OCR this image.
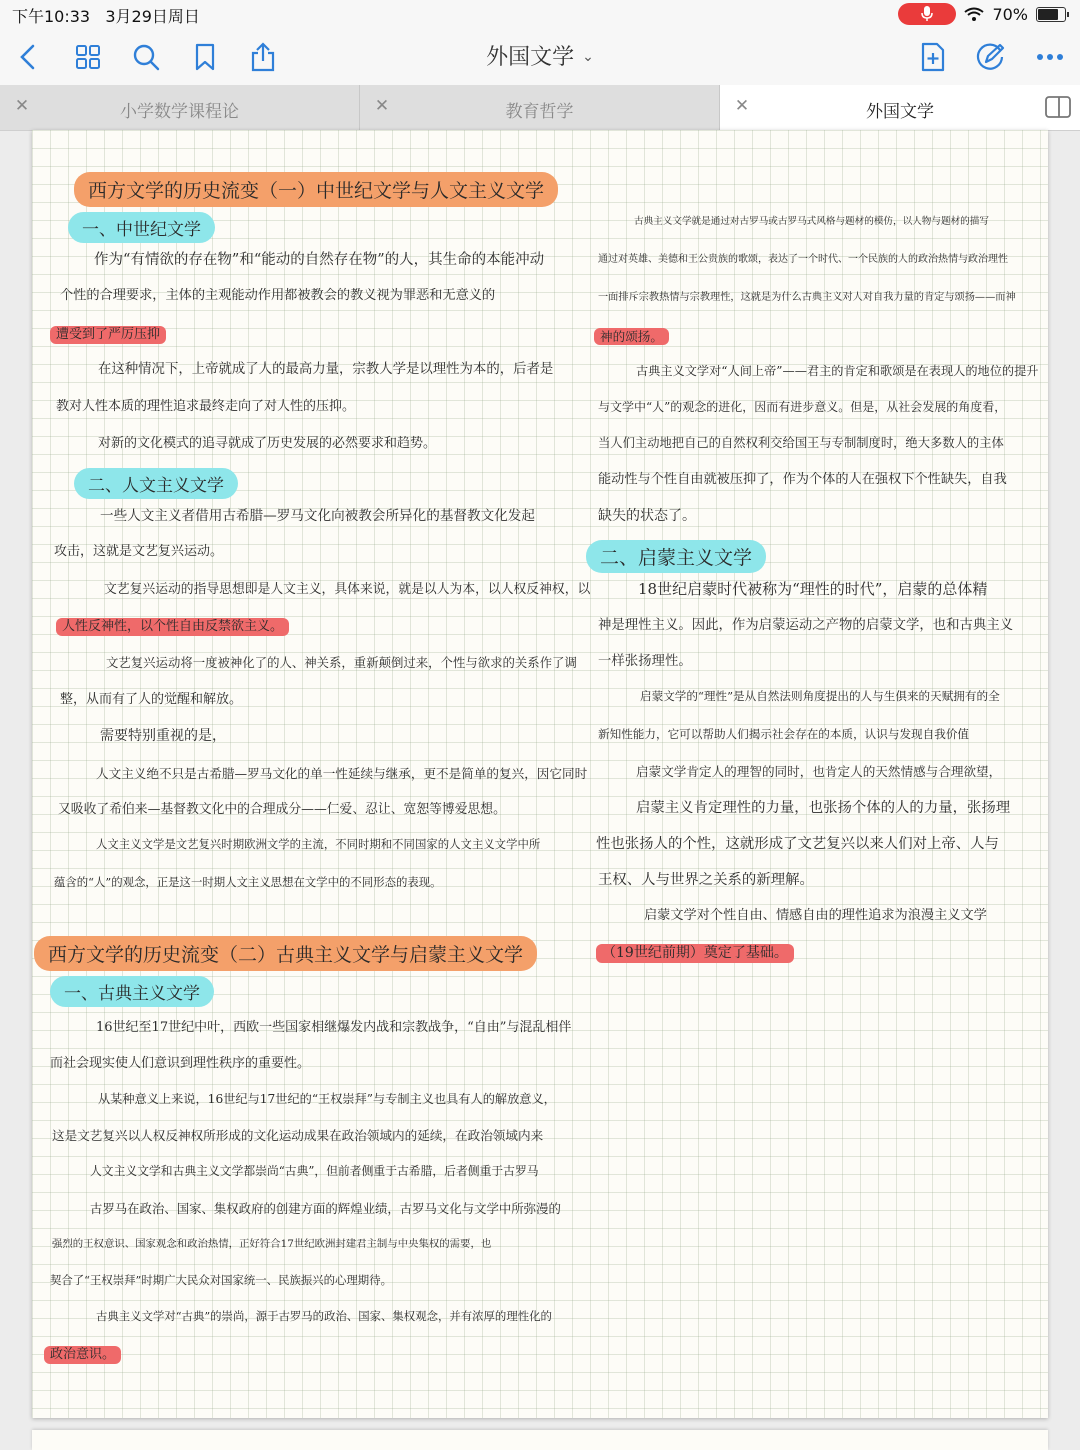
下午10:33   3月29日周日	70%
外国文学 ⌄
✕	小学数学课程论	✕	教育哲学	✕	外国文学
西方文学的历史流变（一）中世纪文学与人文主义文学
一、中世纪文学
作为“有情欲的存在物”和“能动的自然存在物”的人，其生命的本能冲动
个性的合理要求，主体的主观能动作用都被教会的教义视为罪恶和无意义的
遭受到了严厉压抑
在这种情况下，上帝就成了人的最高力量，宗教人学是以理性为本的，后者是
教对人性本质的理性追求最终走向了对人性的压抑。
对新的文化模式的追寻就成了历史发展的必然要求和趋势。
二、人文主义文学
一些人文主义者借用古希腊—罗马文化向被教会所异化的基督教文化发起
攻击，这就是文艺复兴运动。
文艺复兴运动的指导思想即是人文主义，具体来说，就是以人为本，以人权反神权，以
人性反神性，以个性自由反禁欲主义。
文艺复兴运动将一度被神化了的人、神关系，重新颠倒过来，个性与欲求的关系作了调
整，从而有了人的觉醒和解放。
需要特别重视的是，
人文主义绝不只是古希腊—罗马文化的单一性延续与继承，更不是简单的复兴，因它同时
又吸收了希伯来—基督教文化中的合理成分——仁爱、忍让、宽恕等博爱思想。
人文主义文学是文艺复兴时期欧洲文学的主流，不同时期和不同国家的人文主义文学中所
蕴含的“人”的观念，正是这一时期人文主义思想在文学中的不同形态的表现。
西方文学的历史流变（二）古典主义文学与启蒙主义文学
一、古典主义文学
16世纪至17世纪中叶，西欧一些国家相继爆发内战和宗教战争，“自由”与混乱相伴
而社会现实使人们意识到理性秩序的重要性。
从某种意义上来说，16世纪与17世纪的“王权崇拜”与专制主义也具有人的解放意义，
这是文艺复兴以人权反神权所形成的文化运动成果在政治领域内的延续，在政治领域内来
人文主义文学和古典主义文学都崇尚“古典”，但前者侧重于古希腊，后者侧重于古罗马
古罗马在政治、国家、集权政府的创建方面的辉煌业绩，古罗马文化与文学中所弥漫的
强烈的王权意识、国家观念和政治热情，正好符合17世纪欧洲封建君主制与中央集权的需要，也
契合了“王权崇拜”时期广大民众对国家统一、民族振兴的心理期待。
古典主义文学对“古典”的崇尚，源于古罗马的政治、国家、集权观念，并有浓厚的理性化的
政治意识。
古典主义文学就是通过对古罗马或古罗马式风格与题材的模仿，以人物与题材的描写
通过对英雄、美德和王公贵族的歌颂，表达了一个时代、一个民族的人的政治热情与政治理性
一面排斥宗教热情与宗教理性，这就是为什么古典主义对人对自我力量的肯定与颂扬——而神
神的颂扬。
古典主义文学对“人间上帝”——君主的肯定和歌颂是在表现人的地位的提升
与文学中“人”的观念的进化，因而有进步意义。但是，从社会发展的角度看，
当人们主动地把自己的自然权利交给国王与专制制度时，绝大多数人的主体
能动性与个性自由就被压抑了，作为个体的人在强权下个性缺失，自我
缺失的状态了。
二、启蒙主义文学
18世纪启蒙时代被称为“理性的时代”，启蒙的总体精
神是理性主义。因此，作为启蒙运动之产物的启蒙文学，也和古典主义
一样张扬理性。
启蒙文学的“理性”是从自然法则角度提出的人与生俱来的天赋拥有的全
新知性能力，它可以帮助人们揭示社会存在的本质，认识与发现自我价值
启蒙文学肯定人的理智的同时，也肯定人的天然情感与合理欲望，
启蒙主义肯定理性的力量，也张扬个体的人的力量，张扬理
性也张扬人的个性，这就形成了文艺复兴以来人们对上帝、人与
王权、人与世界之关系的新理解。
启蒙文学对个性自由、情感自由的理性追求为浪漫主义文学
（19世纪前期）奠定了基础。
